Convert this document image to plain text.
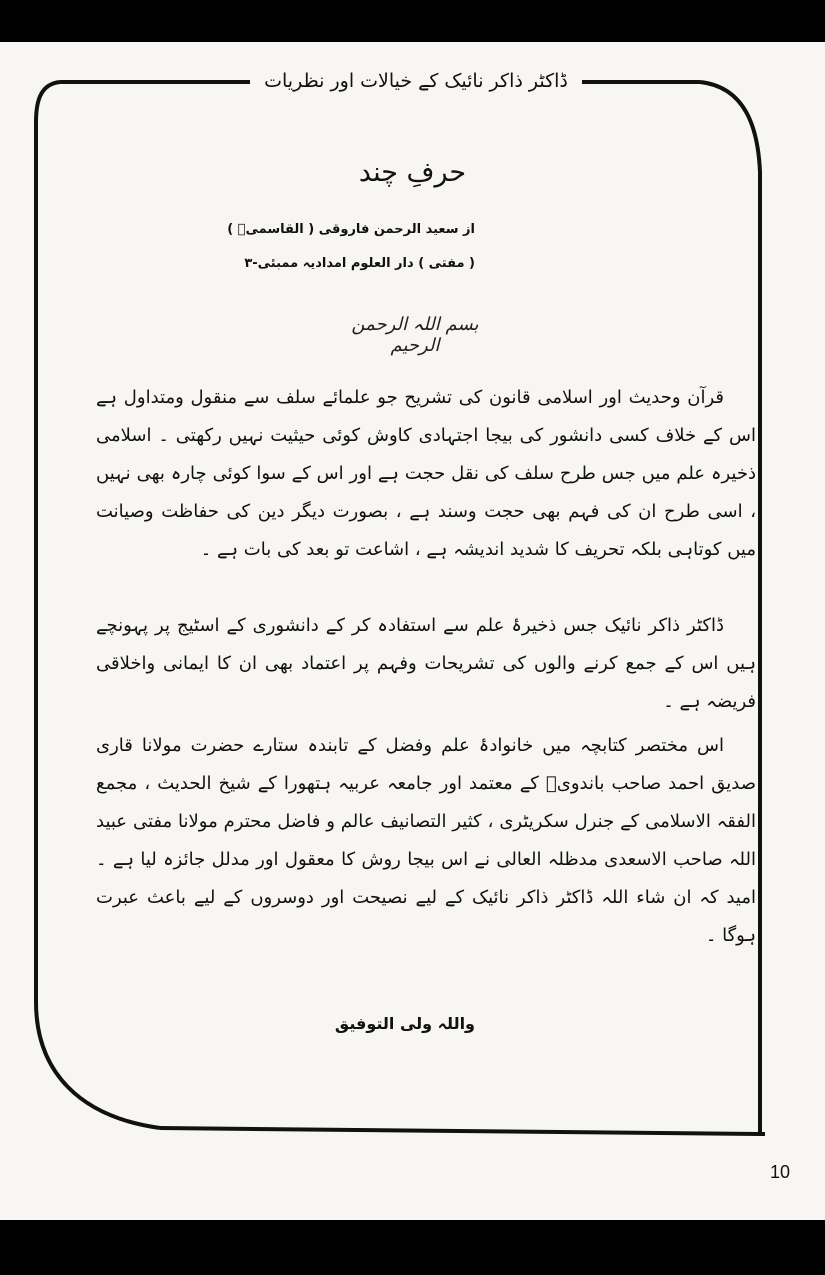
ڈاکٹر ذاکر نائیک کے خیالات اور نظریات
حرفِ چند
از سعید الرحمن فاروقی ( القاسمیؔ )
( مفتی ) دار العلوم امدادیہ ممبئی-۳
بسم اللہ الرحمن الرحیم

قرآن وحدیث اور اسلامی قانون کی تشریح جو علمائے سلف سے منقول ومتداول ہے اس کے خلاف کسی دانشور کی بیجا اجتہادی کاوش کوئی حیثیت نہیں رکھتی ۔ اسلامی ذخیرہ علم میں جس طرح سلف کی نقل حجت ہے اور اس کے سوا کوئی چارہ بھی نہیں ، اسی طرح ان کی فہم بھی حجت وسند ہے ، بصورت دیگر دین کی حفاظت وصیانت میں کوتاہی بلکہ تحریف کا شدید اندیشہ ہے ، اشاعت تو بعد کی بات ہے ۔

ڈاکٹر ذاکر نائیک جس ذخیرۂ علم سے استفادہ کر کے دانشوری کے اسٹیج پر پہونچے ہیں اس کے جمع کرنے والوں کی تشریحات وفہم پر اعتماد بھی ان کا ایمانی واخلاقی فریضہ ہے ۔

اس مختصر کتابچہ میں خانوادۂ علم وفضل کے تابندہ ستارے حضرت مولانا قاری صدیق احمد صاحب باندویؒ کے معتمد اور جامعہ عربیہ ہتھورا کے شیخ الحدیث ، مجمع الفقہ الاسلامی کے جنرل سکریٹری ، کثیر التصانیف عالم و فاضل محترم مولانا مفتی عبید اللہ صاحب الاسعدی مدظلہ العالی نے اس بیجا روش کا معقول اور مدلل جائزہ لیا ہے ۔ امید کہ ان شاء اللہ ڈاکٹر ذاکر نائیک کے لیے نصیحت اور دوسروں کے لیے باعث عبرت ہوگا ۔

واللہ ولی التوفیق
10
